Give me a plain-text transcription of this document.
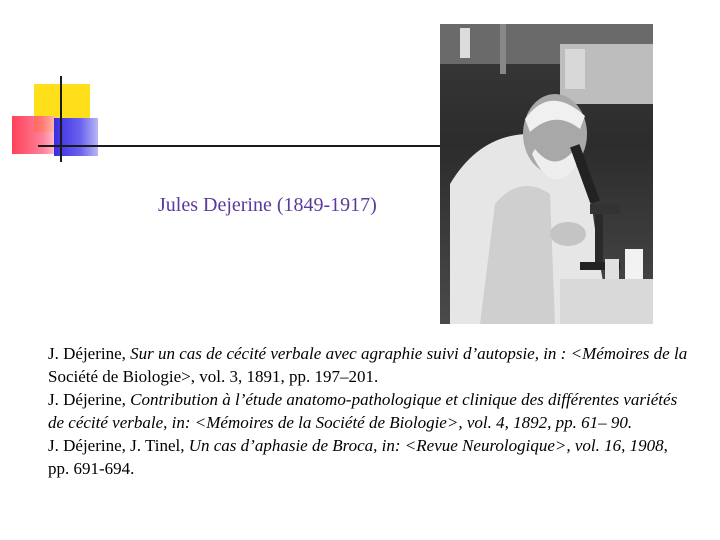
Jules Dejerine (1849-1917)

J. Déjerine, Sur un cas de cécité verbale avec agraphie suivi d’autopsie, in : <Mémoires de la Société de Biologie>, vol. 3, 1891, pp. 197–201.

J. Déjerine, Contribution à l’étude anatomo-pathologique et clinique des différentes variétés de cécité verbale, in: <Mémoires de la Société de Biologie>, vol. 4, 1892, pp. 61– 90.

J. Déjerine, J. Tinel, Un cas d’aphasie de Broca, in: <Revue Neurologique>, vol. 16, 1908, pp. 691-694.
